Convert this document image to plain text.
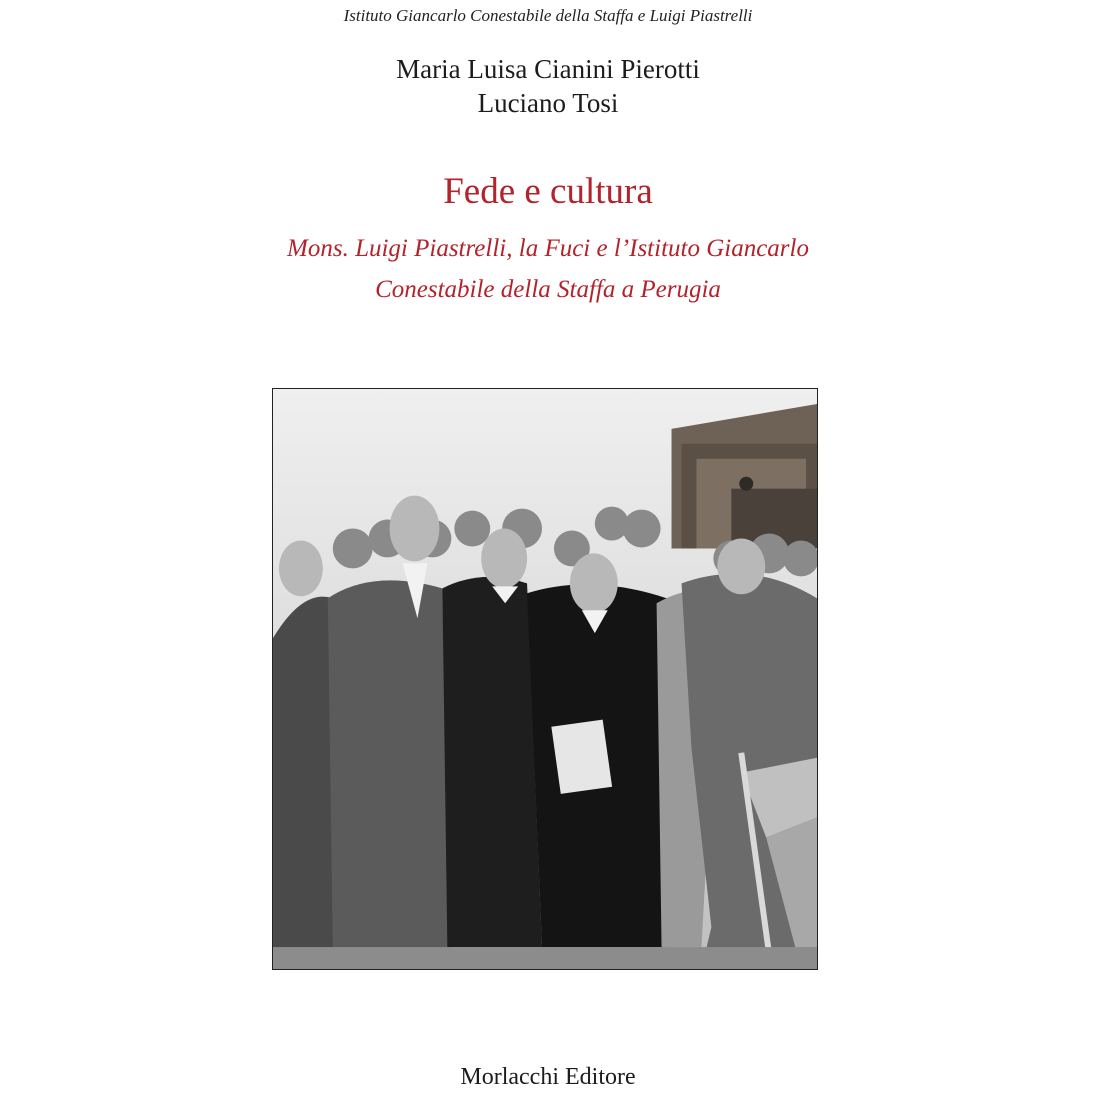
Istituto Giancarlo Conestabile della Staffa e Luigi Piastrelli
Maria Luisa Cianini Pierotti
Luciano Tosi
Fede e cultura
Mons. Luigi Piastrelli, la Fuci e l’Istituto Giancarlo
Conestabile della Staffa a Perugia
Morlacchi Editore
